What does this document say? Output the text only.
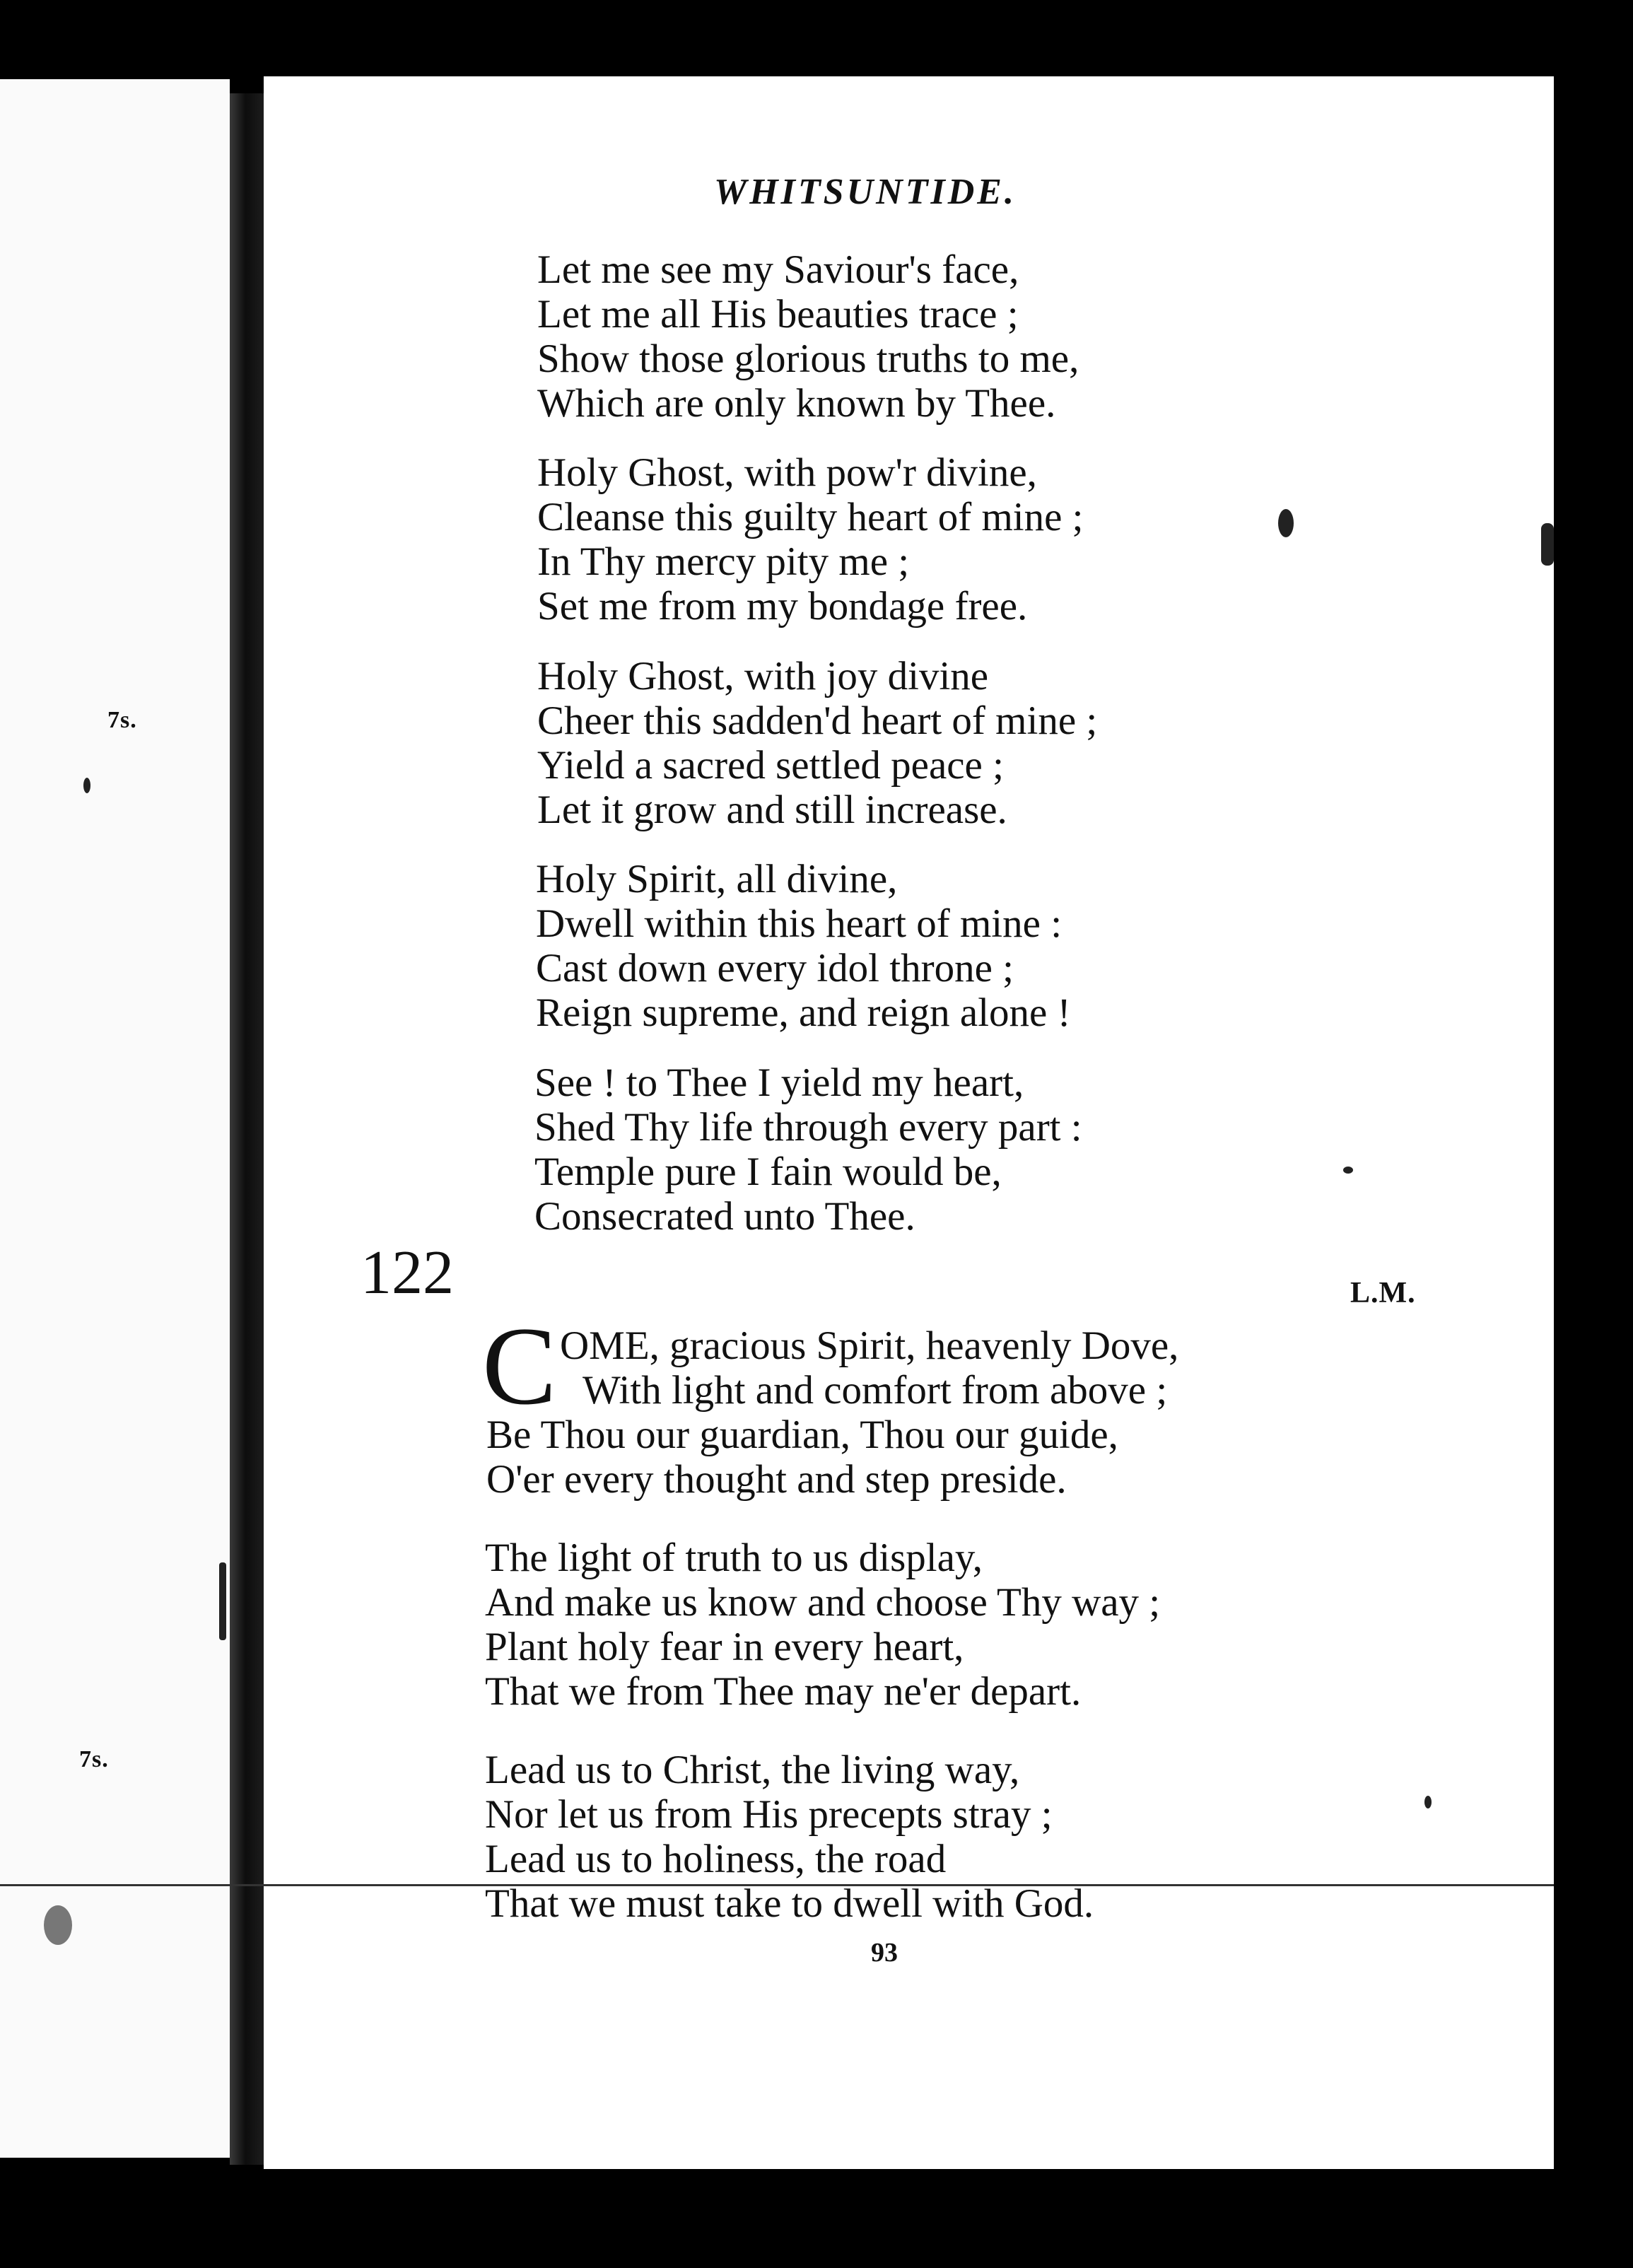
7s.
7s.
WHITSUNTIDE.
Let me see my Saviour's face,
Let me all His beauties trace ;
Show those glorious truths to me,
Which are only known by Thee.
Holy Ghost, with pow'r divine,
Cleanse this guilty heart of mine ;
In Thy mercy pity me ;
Set me from my bondage free.
Holy Ghost, with joy divine
Cheer this sadden'd heart of mine ;
Yield a sacred settled peace ;
Let it grow and still increase.
Holy Spirit, all divine,
Dwell within this heart of mine :
Cast down every idol throne ;
Reign supreme, and reign alone !
See ! to Thee I yield my heart,
Shed Thy life through every part :
Temple pure I fain would be,
Consecrated unto Thee.
122	L.M.
C OME, gracious Spirit, heavenly Dove,
With light and comfort from above ;
Be Thou our guardian, Thou our guide,
O'er every thought and step preside.
The light of truth to us display,
And make us know and choose Thy way ;
Plant holy fear in every heart,
That we from Thee may ne'er depart.
Lead us to Christ, the living way,
Nor let us from His precepts stray ;
Lead us to holiness, the road
That we must take to dwell with God.
93
